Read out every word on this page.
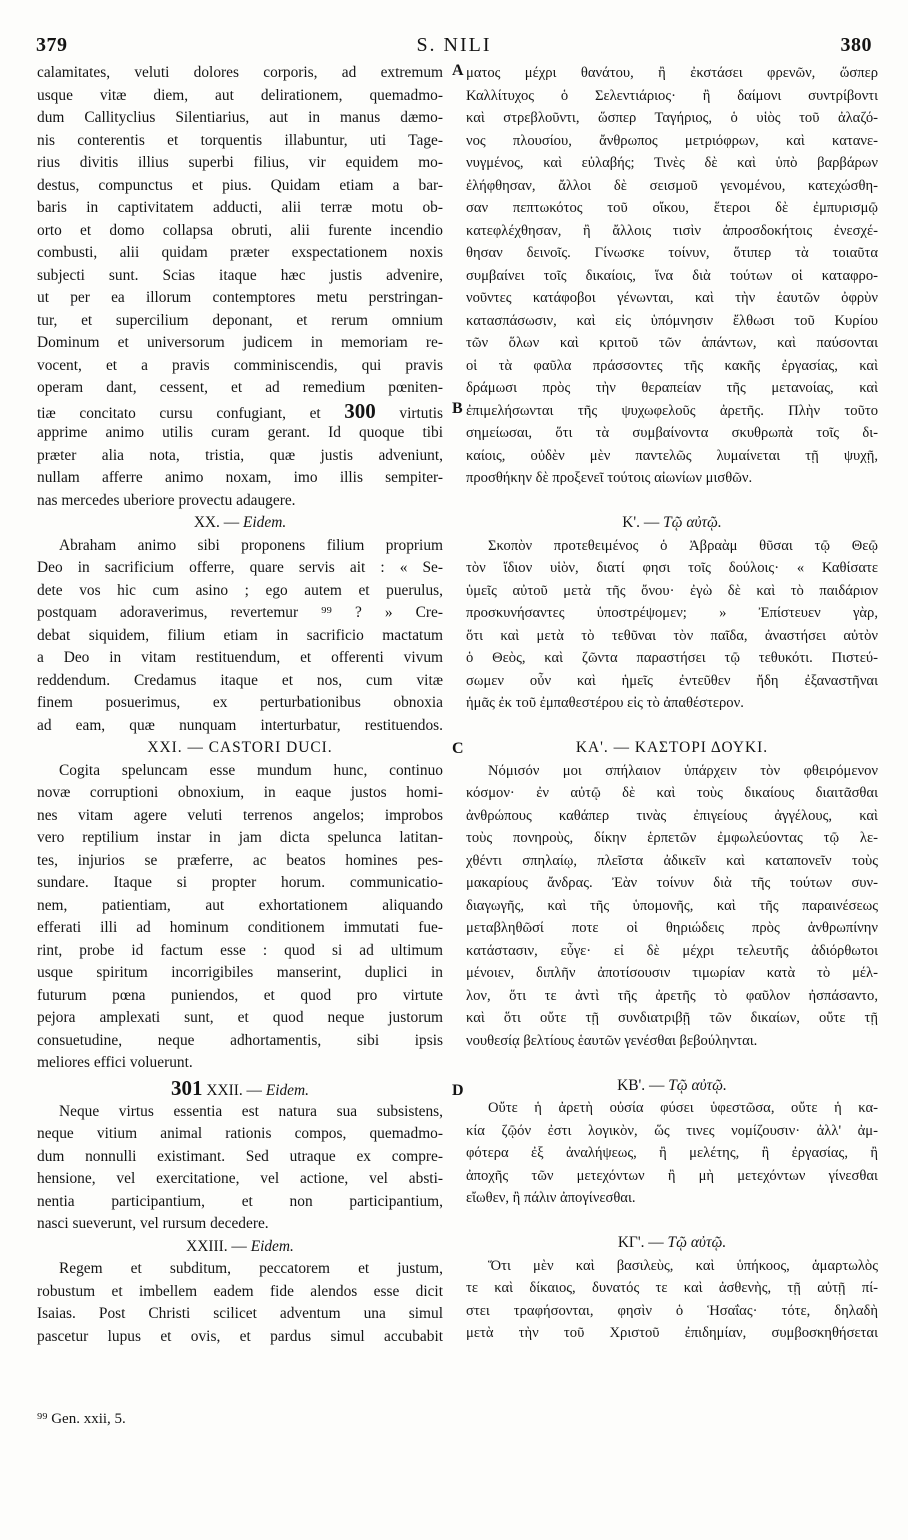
379	S. NILI	380
A
B
C
D
calamitates, veluti dolores corporis, ad extremum
usque vitæ diem, aut delirationem, quemadmo-
dum Callityclius Silentiarius, aut in manus dæmo-
nis conterentis et torquentis illabuntur, uti Tage-
rius divitis illius superbi filius, vir equidem mo-
destus, compunctus et pius. Quidam etiam a bar-
baris in captivitatem adducti, alii terræ motu ob-
orto et domo collapsa obruti, alii furente incendio
combusti, alii quidam præter exspectationem noxis
subjecti sunt. Scias itaque hæc justis advenire,
ut per ea illorum contemptores metu perstringan-
tur, et supercilium deponant, et rerum omnium
Dominum et universorum judicem in memoriam re-
vocent, et a pravis comminiscendis, qui pravis
operam dant, cessent, et ad remedium pœniten-
tiæ concitato cursu confugiant, et 300 virtutis
apprime animo utilis curam gerant. Id quoque tibi
præter alia nota, tristia, quæ justis adveniunt,
nullam afferre animo noxam, imo illis sempiter-
nas mercedes uberiore provectu adaugere.
XX. — Eidem.
Abraham animo sibi proponens filium proprium
Deo in sacrificium offerre, quare servis ait : « Se-
dete vos hic cum asino ; ego autem et puerulus,
postquam adoraverimus, revertemur ⁹⁹ ? » Cre-
debat siquidem, filium etiam in sacrificio mactatum
a Deo in vitam restituendum, et offerenti vivum
reddendum. Credamus itaque et nos, cum vitæ
finem posuerimus, ex perturbationibus obnoxia
ad eam, quæ nunquam interturbatur, restituendos.
XXI. — CASTORI DUCI.
Cogita speluncam esse mundum hunc, continuo
novæ corruptioni obnoxium, in eaque justos homi-
nes vitam agere veluti terrenos angelos; improbos
vero reptilium instar in jam dicta spelunca latitan-
tes, injurios se præferre, ac beatos homines pes-
sundare. Itaque si propter horum. communicatio-
nem, patientiam, aut exhortationem aliquando
efferati illi ad hominum conditionem immutati fue-
rint, probe id factum esse : quod si ad ultimum
usque spiritum incorrigibiles manserint, duplici in
futurum pœna puniendos, et quod pro virtute
pejora amplexati sunt, et quod neque justorum
consuetudine, neque adhortamentis, sibi ipsis
meliores effici voluerunt.
301 XXII. — Eidem.
Neque virtus essentia est natura sua subsistens,
neque vitium animal rationis compos, quemadmo-
dum nonnulli existimant. Sed utraque ex compre-
hensione, vel exercitatione, vel actione, vel absti-
nentia participantium, et non participantium,
nasci sueverunt, vel rursum decedere.
XXIII. — Eidem.
Regem et subditum, peccatorem et justum,
robustum et imbellem eadem fide alendos esse dicit
Isaias. Post Christi scilicet adventum una simul
pascetur lupus et ovis, et pardus simul accubabit
ματος μέχρι θανάτου, ἢ ἐκστάσει φρενῶν, ὥσπερ
Καλλίτυχος ὁ Σελεντιάριος· ἢ δαίμονι συντρίβοντι
καὶ στρεβλοῦντι, ὥσπερ Ταγήριος, ὁ υἱὸς τοῦ ἀλαζό-
νος πλουσίου, ἄνθρωπος μετριόφρων, καὶ κατανε-
νυγμένος, καὶ εὐλαβής; Τινὲς δὲ καὶ ὑπὸ βαρβάρων
ἐλήφθησαν, ἄλλοι δὲ σεισμοῦ γενομένου, κατεχώσθη-
σαν πεπτωκότος τοῦ οἴκου, ἕτεροι δὲ ἐμπυρισμῷ
κατεφλέχθησαν, ἢ ἄλλοις τισὶν ἀπροσδοκήτοις ἐνεσχέ-
θησαν δεινοῖς. Γίνωσκε τοίνυν, ὅτιπερ τὰ τοιαῦτα
συμβαίνει τοῖς δικαίοις, ἵνα διὰ τούτων οἱ καταφρο-
νοῦντες κατάφοβοι γένωνται, καὶ τὴν ἑαυτῶν ὀφρὺν
κατασπάσωσιν, καὶ εἰς ὑπόμνησιν ἔλθωσι τοῦ Κυρίου
τῶν ὅλων καὶ κριτοῦ τῶν ἁπάντων, καὶ παύσονται
οἱ τὰ φαῦλα πράσσοντες τῆς κακῆς ἐργασίας, καὶ
δράμωσι πρὸς τὴν θεραπείαν τῆς μετανοίας, καὶ
ἐπιμελήσωνται τῆς ψυχωφελοῦς ἀρετῆς. Πλὴν τοῦτο
σημείωσαι, ὅτι τὰ συμβαίνοντα σκυθρωπὰ τοῖς δι-
καίοις, οὐδὲν μὲν παντελῶς λυμαίνεται τῇ ψυχῇ,
προσθήκην δὲ προξενεῖ τούτοις αἰωνίων μισθῶν.
Κ'. — Τῷ αὐτῷ.
Σκοπὸν προτεθειμένος ὁ Ἀβραὰμ θῦσαι τῷ Θεῷ
τὸν ἴδιον υἱὸν, διατί φησι τοῖς δούλοις· « Καθίσατε
ὑμεῖς αὐτοῦ μετὰ τῆς ὄνου· ἐγὼ δὲ καὶ τὸ παιδάριον
προσκυνήσαντες ὑποστρέψομεν; » Ἐπίστευεν γὰρ,
ὅτι καὶ μετὰ τὸ τεθῦναι τὸν παῖδα, ἀναστήσει αὐτὸν
ὁ Θεὸς, καὶ ζῶντα παραστήσει τῷ τεθυκότι. Πιστεύ-
σωμεν οὖν καὶ ἡμεῖς ἐντεῦθεν ἤδη ἐξαναστῆναι
ἡμᾶς ἐκ τοῦ ἐμπαθεστέρου εἰς τὸ ἀπαθέστερον.
ΚΑ'. — ΚΑΣΤΟΡΙ ΔΟΥΚΙ.
Νόμισόν μοι σπήλαιον ὑπάρχειν τὸν φθειρόμενον
κόσμον· ἐν αὐτῷ δὲ καὶ τοὺς δικαίους διαιτᾶσθαι
ἀνθρώπους καθάπερ τινὰς ἐπιγείους ἀγγέλους, καὶ
τοὺς πονηροὺς, δίκην ἑρπετῶν ἐμφωλεύοντας τῷ λε-
χθέντι σπηλαίῳ, πλεῖστα ἀδικεῖν καὶ καταπονεῖν τοὺς
μακαρίους ἄνδρας. Ἐὰν τοίνυν διὰ τῆς τούτων συν-
διαγωγῆς, καὶ τῆς ὑπομονῆς, καὶ τῆς παραινέσεως
μεταβληθῶσί ποτε οἱ θηριώδεις πρὸς ἀνθρωπίνην
κατάστασιν, εὖγε· εἰ δὲ μέχρι τελευτῆς ἀδιόρθωτοι
μένοιεν, διπλῆν ἀποτίσουσιν τιμωρίαν κατὰ τὸ μέλ-
λον, ὅτι τε ἀντὶ τῆς ἀρετῆς τὸ φαῦλον ἠσπάσαντο,
καὶ ὅτι οὔτε τῇ συνδιατριβῇ τῶν δικαίων, οὔτε τῇ
νουθεσίᾳ βελτίους ἑαυτῶν γενέσθαι βεβούληνται.
ΚΒ'. — Τῷ αὐτῷ.
Οὔτε ἡ ἀρετὴ οὐσία φύσει ὑφεστῶσα, οὔτε ἡ κα-
κία ζῷόν ἐστι λογικὸν, ὥς τινες νομίζουσιν· ἀλλ' ἀμ-
φότερα ἐξ ἀναλήψεως, ἢ μελέτης, ἢ ἐργασίας, ἢ
ἀποχῆς τῶν μετεχόντων ἢ μὴ μετεχόντων γίνεσθαι
εἴωθεν, ἢ πάλιν ἀπογίνεσθαι.
ΚΓ'. — Τῷ αὐτῷ.
Ὅτι μὲν καὶ βασιλεὺς, καὶ ὑπήκοος, ἁμαρτωλὸς
τε καὶ δίκαιος, δυνατός τε καὶ ἀσθενὴς, τῇ αὐτῇ πί-
στει τραφήσονται, φησὶν ὁ Ἡσαΐας· τότε, δηλαδὴ
μετὰ τὴν τοῦ Χριστοῦ ἐπιδημίαν, συμβοσκηθήσεται
⁹⁹ Gen. xxii, 5.
